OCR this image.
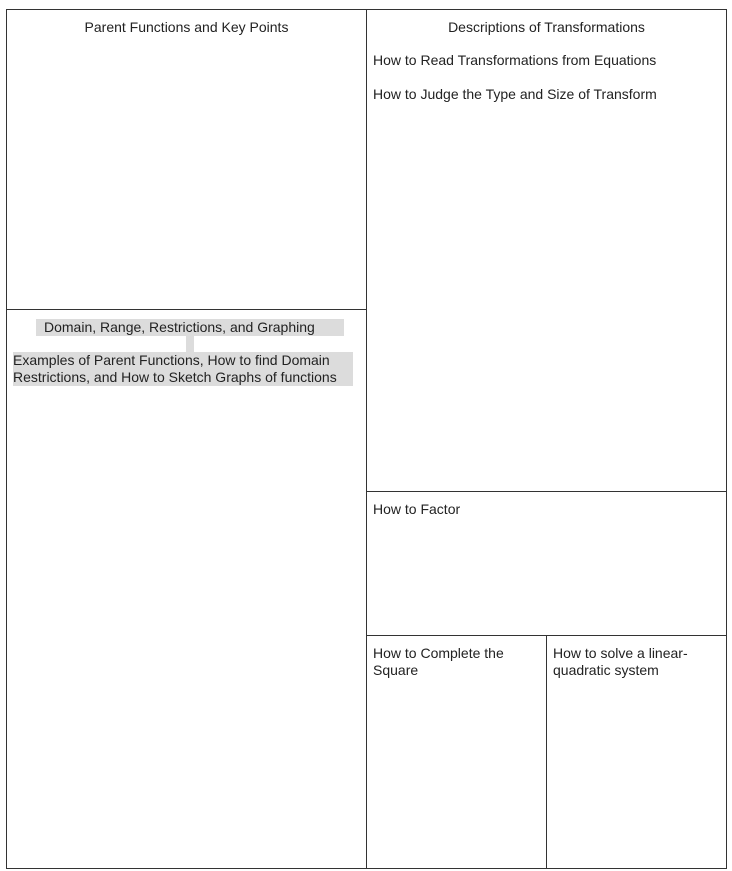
Parent Functions and Key Points
Domain, Range, Restrictions, and Graphing
Examples of Parent Functions, How to find Domain Restrictions, and How to Sketch Graphs of functions
Descriptions of Transformations
How to Read Transformations from Equations
How to Judge the Type and Size of Transform
How to Factor
How to Complete the Square
How to solve a linear-quadratic system
